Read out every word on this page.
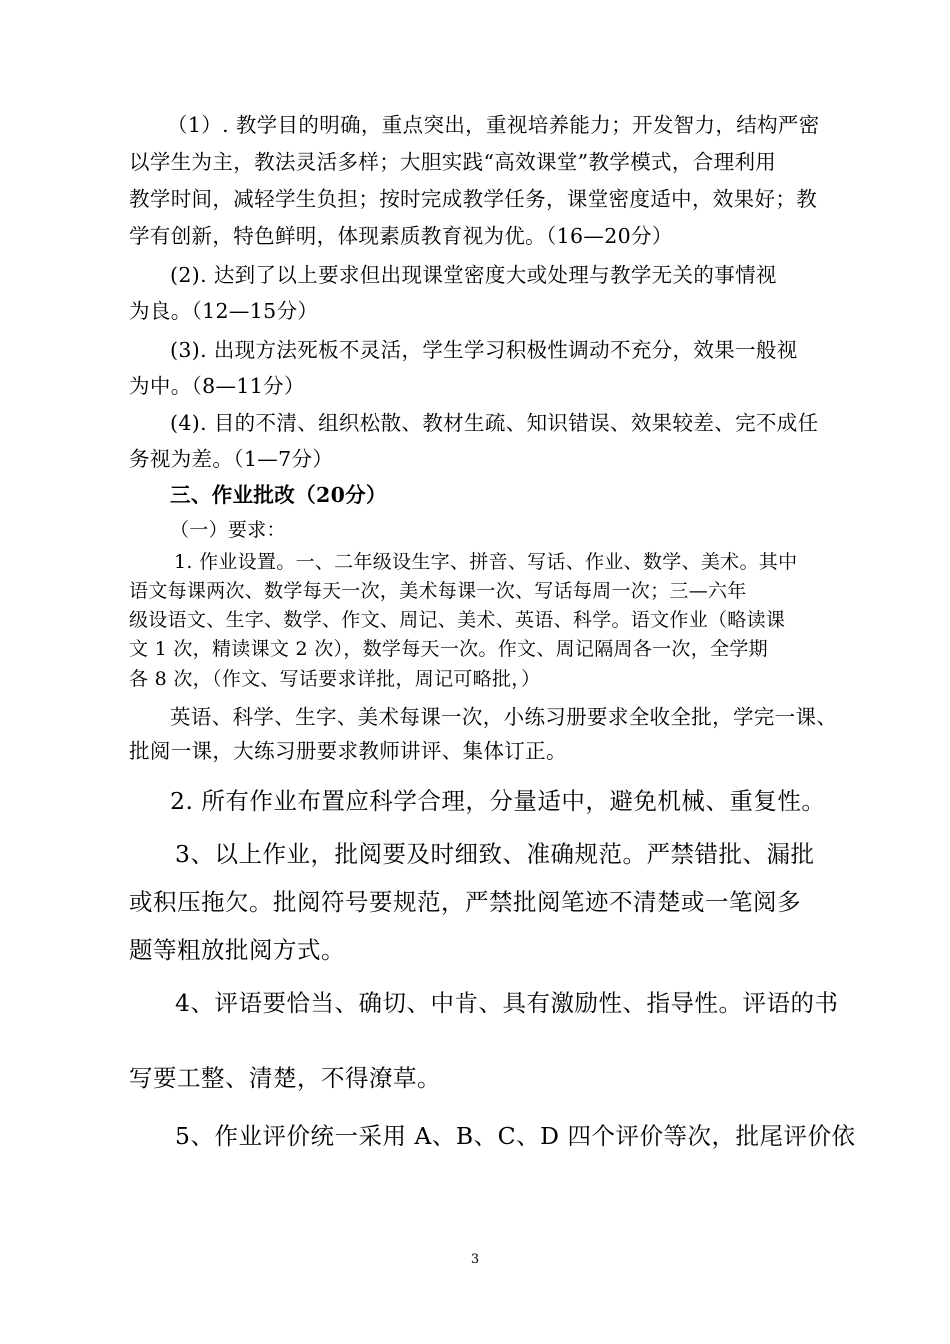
（1）. 教学目的明确，重点突出，重视培养能力；开发智力，结构严密
以学生为主，教法灵活多样；大胆实践“高效课堂”教学模式，合理利用
教学时间，减轻学生负担；按时完成教学任务，课堂密度适中，效果好；教
学有创新，特色鲜明，体现素质教育视为优。（16—20分）
(2). 达到了以上要求但出现课堂密度大或处理与教学无关的事情视
为良。（12—15分）
(3). 出现方法死板不灵活，学生学习积极性调动不充分，效果一般视
为中。（8—11分）
(4). 目的不清、组织松散、教材生疏、知识错误、效果较差、完不成任
务视为差。（1—7分）
三、作业批改（20分）
（一）要求：
1. 作业设置。一、二年级设生字、拼音、写话、作业、数学、美术。其中
语文每课两次、数学每天一次，美术每课一次、写话每周一次；三—六年
级设语文、生字、数学、作文、周记、美术、英语、科学。语文作业（略读课
文 1 次，精读课文 2 次），数学每天一次。作文、周记隔周各一次，全学期
各 8 次，（作文、写话要求详批，周记可略批，）
英语、科学、生字、美术每课一次，小练习册要求全收全批，学完一课、
批阅一课，大练习册要求教师讲评、集体订正。
2. 所有作业布置应科学合理，分量适中，避免机械、重复性。
3、以上作业，批阅要及时细致、准确规范。严禁错批、漏批
或积压拖欠。批阅符号要规范，严禁批阅笔迹不清楚或一笔阅多
题等粗放批阅方式。
4、评语要恰当、确切、中肯、具有激励性、指导性。评语的书
写要工整、清楚，不得潦草。
5、作业评价统一采用 A、B、C、D 四个评价等次，批尾评价依
3
